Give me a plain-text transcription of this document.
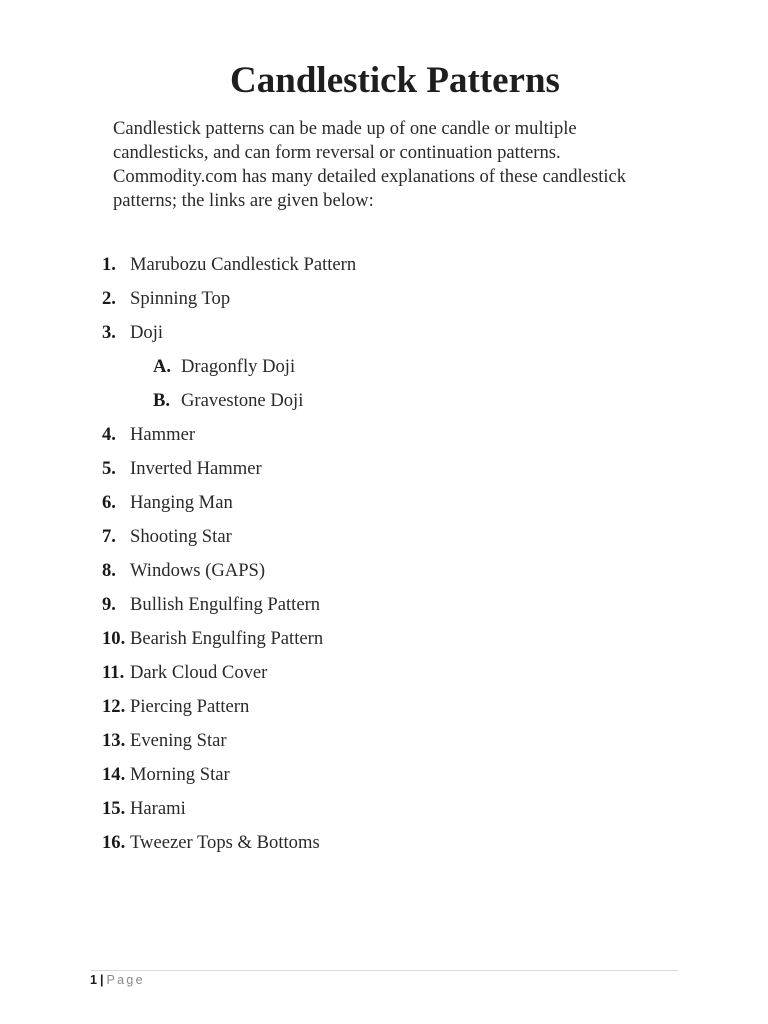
Candlestick Patterns
Candlestick patterns can be made up of one candle or multiple candlesticks, and can form reversal or continuation patterns. Commodity.com has many detailed explanations of these candlestick patterns; the links are given below:
1. Marubozu Candlestick Pattern
2. Spinning Top
3. Doji
A. Dragonfly Doji
B. Gravestone Doji
4. Hammer
5. Inverted Hammer
6. Hanging Man
7. Shooting Star
8. Windows (GAPS)
9. Bullish Engulfing Pattern
10. Bearish Engulfing Pattern
11. Dark Cloud Cover
12. Piercing Pattern
13. Evening Star
14. Morning Star
15. Harami
16. Tweezer Tops & Bottoms
1 | Page
